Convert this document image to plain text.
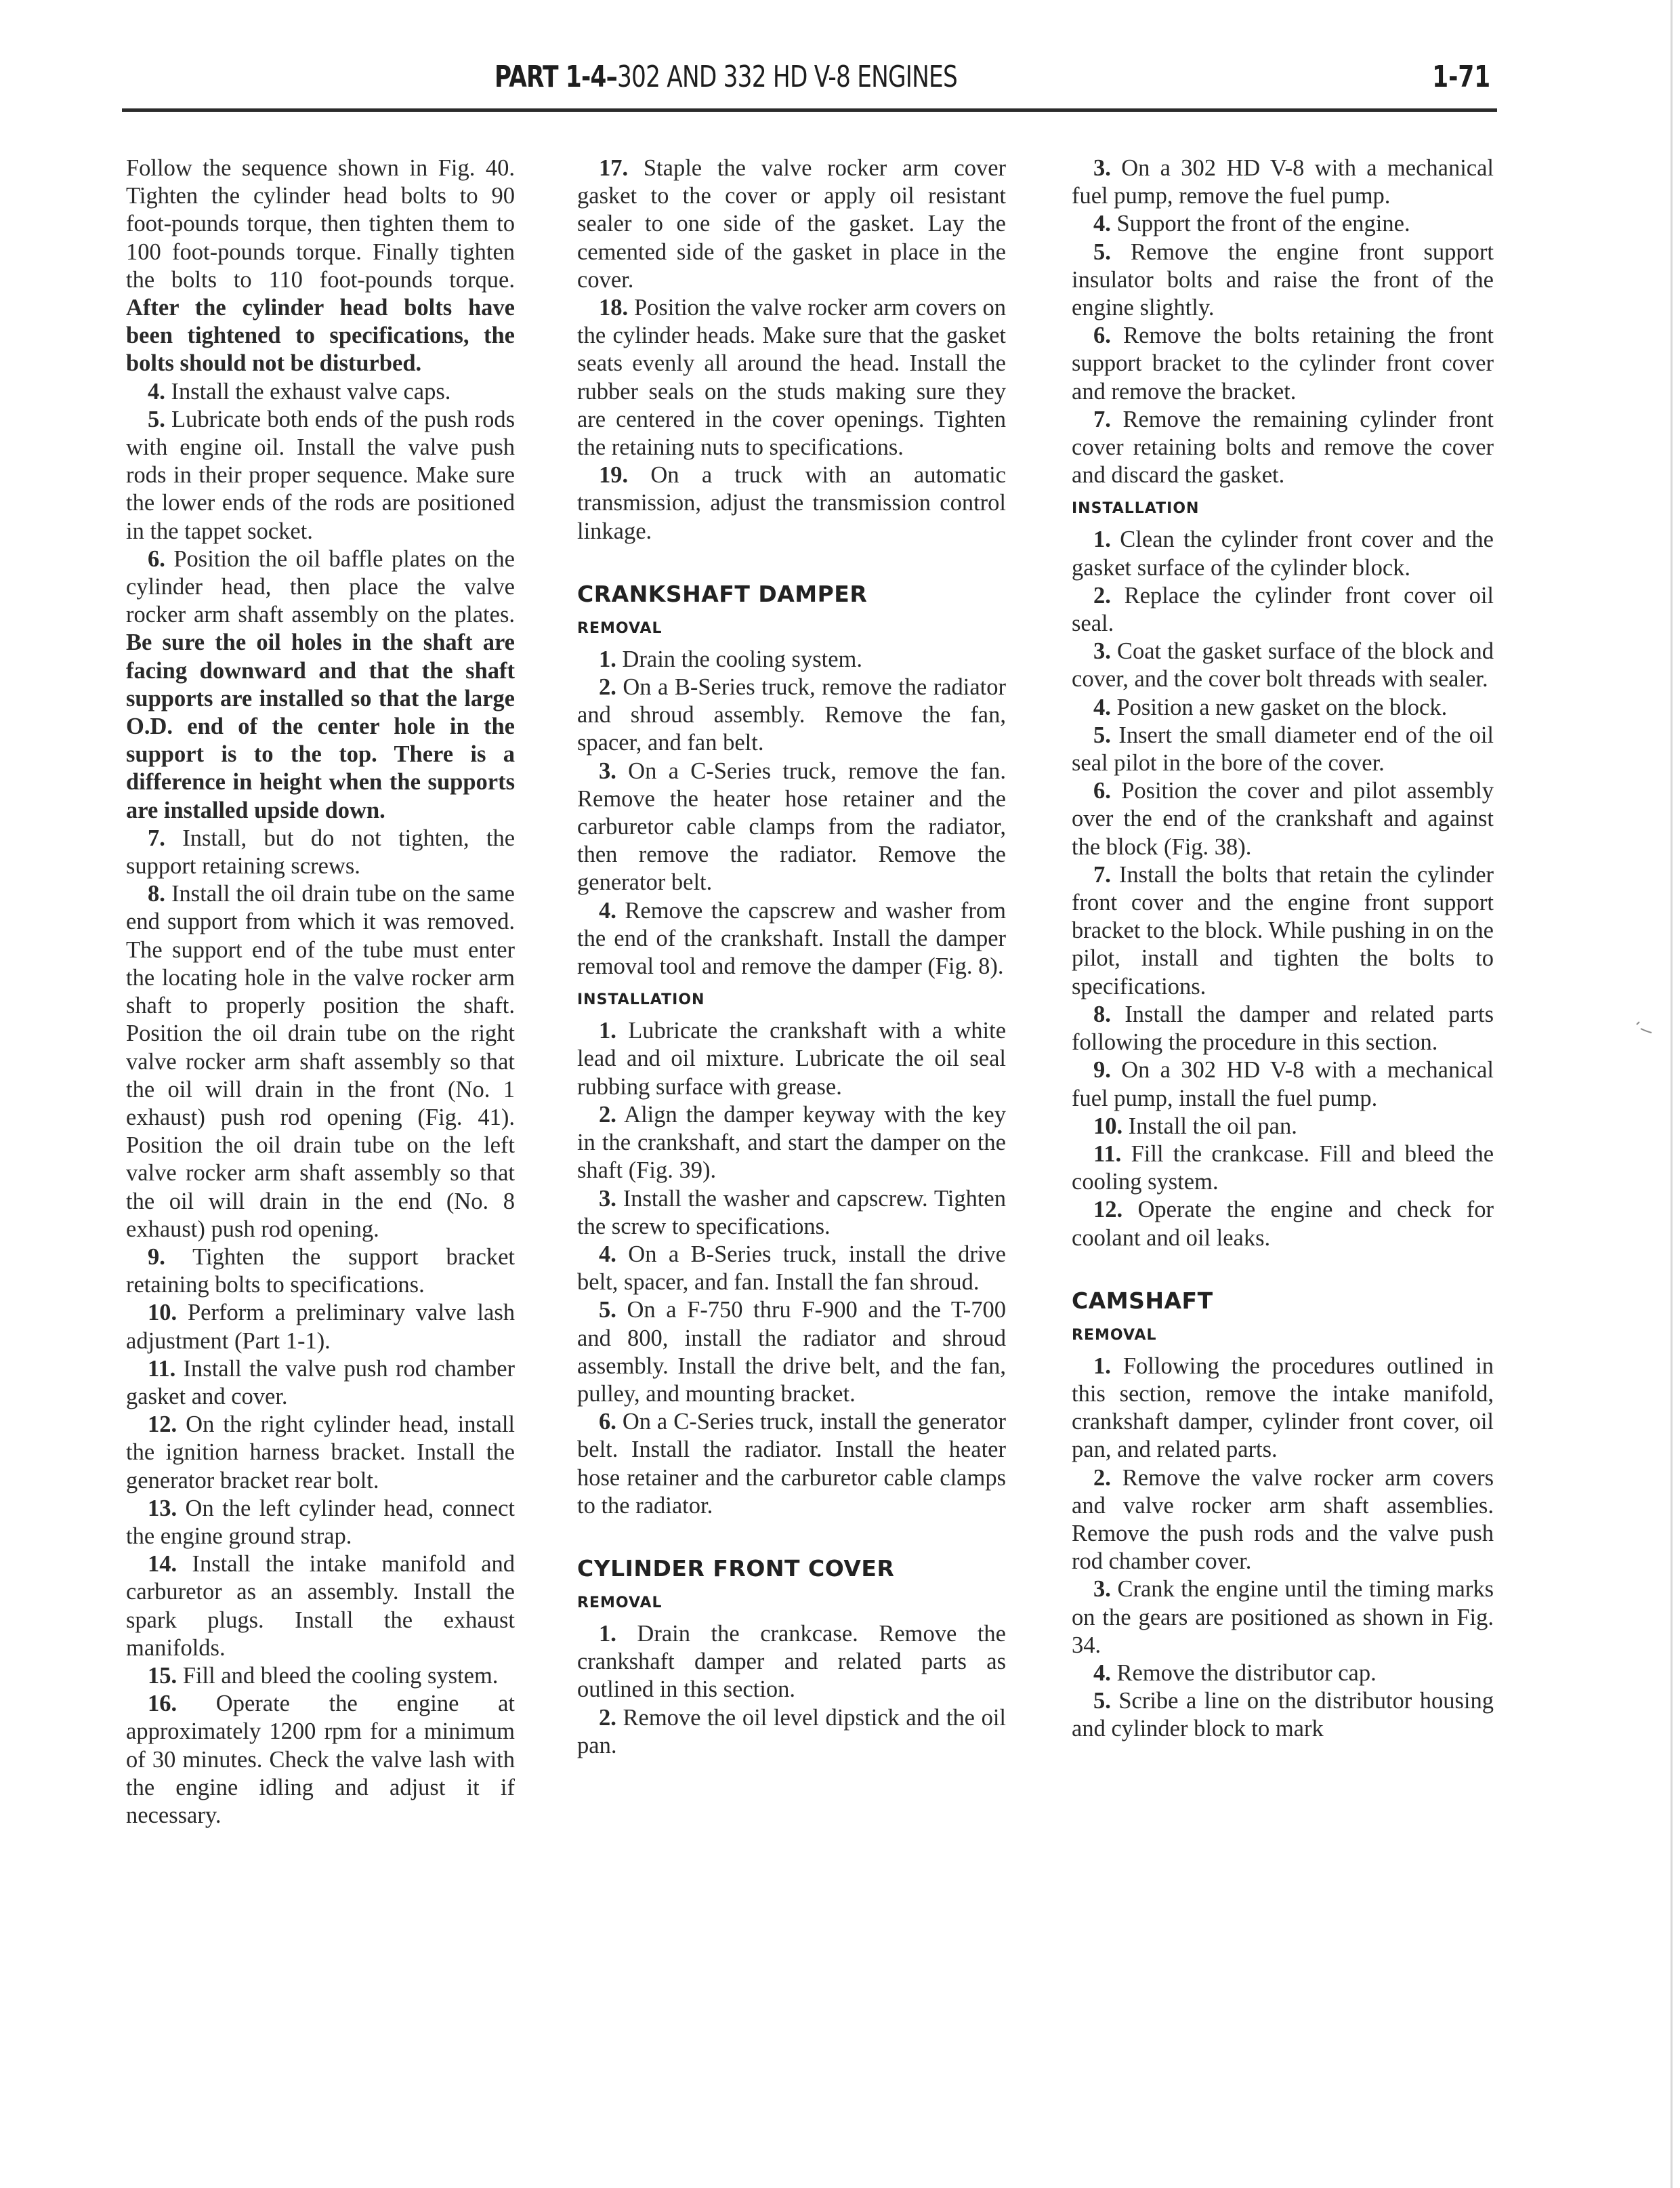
PART 1-4–302 AND 332 HD V-8 ENGINES	1-71

Follow the sequence shown in Fig. 40. Tighten the cylinder head bolts to 90 foot-pounds torque, then tighten them to 100 foot-pounds torque. Finally tighten the bolts to 110 foot-pounds torque. After the cylinder head bolts have been tightened to specifications, the bolts should not be disturbed.

4. Install the exhaust valve caps.

5. Lubricate both ends of the push rods with engine oil. Install the valve push rods in their proper sequence. Make sure the lower ends of the rods are positioned in the tappet socket.

6. Position the oil baffle plates on the cylinder head, then place the valve rocker arm shaft assembly on the plates. Be sure the oil holes in the shaft are facing downward and that the shaft supports are installed so that the large O.D. end of the center hole in the support is to the top. There is a difference in height when the supports are installed upside down.

7. Install, but do not tighten, the support retaining screws.

8. Install the oil drain tube on the same end support from which it was removed. The support end of the tube must enter the locating hole in the valve rocker arm shaft to properly position the shaft. Position the oil drain tube on the right valve rocker arm shaft assembly so that the oil will drain in the front (No. 1 exhaust) push rod opening (Fig. 41). Position the oil drain tube on the left valve rocker arm shaft assembly so that the oil will drain in the end (No. 8 exhaust) push rod opening.

9. Tighten the support bracket retaining bolts to specifications.

10. Perform a preliminary valve lash adjustment (Part 1-1).

11. Install the valve push rod chamber gasket and cover.

12. On the right cylinder head, install the ignition harness bracket. Install the generator bracket rear bolt.

13. On the left cylinder head, connect the engine ground strap.

14. Install the intake manifold and carburetor as an assembly. Install the spark plugs. Install the exhaust manifolds.

15. Fill and bleed the cooling system.

16. Operate the engine at approximately 1200 rpm for a minimum of 30 minutes. Check the valve lash with the engine idling and adjust it if necessary.

17. Staple the valve rocker arm cover gasket to the cover or apply oil resistant sealer to one side of the gasket. Lay the cemented side of the gasket in place in the cover.

18. Position the valve rocker arm covers on the cylinder heads. Make sure that the gasket seats evenly all around the head. Install the rubber seals on the studs making sure they are centered in the cover openings. Tighten the retaining nuts to specifications.

19. On a truck with an automatic transmission, adjust the transmission control linkage.

CRANKSHAFT DAMPER
REMOVAL

1. Drain the cooling system.

2. On a B-Series truck, remove the radiator and shroud assembly. Remove the fan, spacer, and fan belt.

3. On a C-Series truck, remove the fan. Remove the heater hose retainer and the carburetor cable clamps from the radiator, then remove the radiator. Remove the generator belt.

4. Remove the capscrew and washer from the end of the crankshaft. Install the damper removal tool and remove the damper (Fig. 8).

INSTALLATION

1. Lubricate the crankshaft with a white lead and oil mixture. Lubricate the oil seal rubbing surface with grease.

2. Align the damper keyway with the key in the crankshaft, and start the damper on the shaft (Fig. 39).

3. Install the washer and capscrew. Tighten the screw to specifications.

4. On a B-Series truck, install the drive belt, spacer, and fan. Install the fan shroud.

5. On a F-750 thru F-900 and the T-700 and 800, install the radiator and shroud assembly. Install the drive belt, and the fan, pulley, and mounting bracket.

6. On a C-Series truck, install the generator belt. Install the radiator. Install the heater hose retainer and the carburetor cable clamps to the radiator.

CYLINDER FRONT COVER
REMOVAL

1. Drain the crankcase. Remove the crankshaft damper and related parts as outlined in this section.

2. Remove the oil level dipstick and the oil pan.

3. On a 302 HD V-8 with a mechanical fuel pump, remove the fuel pump.

4. Support the front of the engine.

5. Remove the engine front support insulator bolts and raise the front of the engine slightly.

6. Remove the bolts retaining the front support bracket to the cylinder front cover and remove the bracket.

7. Remove the remaining cylinder front cover retaining bolts and remove the cover and discard the gasket.

INSTALLATION

1. Clean the cylinder front cover and the gasket surface of the cylinder block.

2. Replace the cylinder front cover oil seal.

3. Coat the gasket surface of the block and cover, and the cover bolt threads with sealer.

4. Position a new gasket on the block.

5. Insert the small diameter end of the oil seal pilot in the bore of the cover.

6. Position the cover and pilot assembly over the end of the crankshaft and against the block (Fig. 38).

7. Install the bolts that retain the cylinder front cover and the engine front support bracket to the block. While pushing in on the pilot, install and tighten the bolts to specifications.

8. Install the damper and related parts following the procedure in this section.

9. On a 302 HD V-8 with a mechanical fuel pump, install the fuel pump.

10. Install the oil pan.

11. Fill the crankcase. Fill and bleed the cooling system.

12. Operate the engine and check for coolant and oil leaks.

CAMSHAFT
REMOVAL

1. Following the procedures outlined in this section, remove the intake manifold, crankshaft damper, cylinder front cover, oil pan, and related parts.

2. Remove the valve rocker arm covers and valve rocker arm shaft assemblies. Remove the push rods and the valve push rod chamber cover.

3. Crank the engine until the timing marks on the gears are positioned as shown in Fig. 34.

4. Remove the distributor cap.

5. Scribe a line on the distributor housing and cylinder block to mark
